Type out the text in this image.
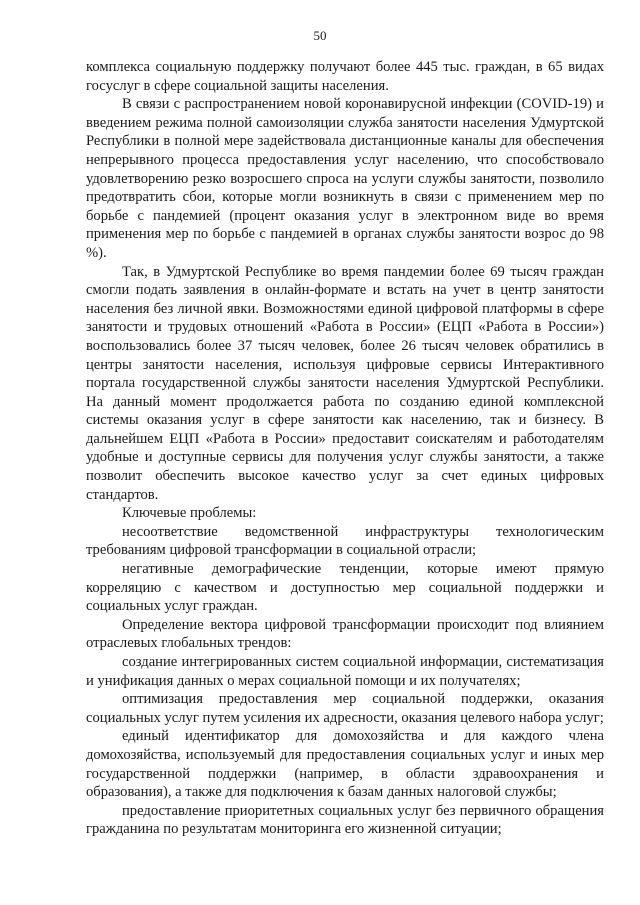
50

комплекса социальную поддержку получают более 445 тыс. граждан, в 65 видах госуслуг в сфере социальной защиты населения.

В связи с распространением новой коронавирусной инфекции (COVID-19) и введением режима полной самоизоляции служба занятости населения Удмуртской Республики в полной мере задействовала дистанционные каналы для обеспечения непрерывного процесса предоставления услуг населению, что способствовало удовлетворению резко возросшего спроса на услуги службы занятости, позволило предотвратить сбои, которые могли возникнуть в связи с применением мер по борьбе с пандемией (процент оказания услуг в электронном виде во время применения мер по борьбе с пандемией в органах службы занятости возрос до 98 %).

Так, в Удмуртской Республике во время пандемии более 69 тысяч граждан смогли подать заявления в онлайн-формате и встать на учет в центр занятости населения без личной явки. Возможностями единой цифровой платформы в сфере занятости и трудовых отношений «Работа в России» (ЕЦП «Работа в России») воспользовались более 37 тысяч человек, более 26 тысяч человек обратились в центры занятости населения, используя цифровые сервисы Интерактивного портала государственной службы занятости населения Удмуртской Республики. На данный момент продолжается работа по созданию единой комплексной системы оказания услуг в сфере занятости как населению, так и бизнесу. В дальнейшем ЕЦП «Работа в России» предоставит соискателям и работодателям удобные и доступные сервисы для получения услуг службы занятости, а также позволит обеспечить высокое качество услуг за счет единых цифровых стандартов.

Ключевые проблемы:

несоответствие ведомственной инфраструктуры технологическим требованиям цифровой трансформации в социальной отрасли;

негативные демографические тенденции, которые имеют прямую корреляцию с качеством и доступностью мер социальной поддержки и социальных услуг граждан.

Определение вектора цифровой трансформации происходит под влиянием отраслевых глобальных трендов:

создание интегрированных систем социальной информации, систематизация и унификация данных о мерах социальной помощи и их получателях;

оптимизация предоставления мер социальной поддержки, оказания социальных услуг путем усиления их адресности, оказания целевого набора услуг;

единый идентификатор для домохозяйства и для каждого члена домохозяйства, используемый для предоставления социальных услуг и иных мер государственной поддержки (например, в области здравоохранения и образования), а также для подключения к базам данных налоговой службы;

предоставление приоритетных социальных услуг без первичного обращения гражданина по результатам мониторинга его жизненной ситуации;
